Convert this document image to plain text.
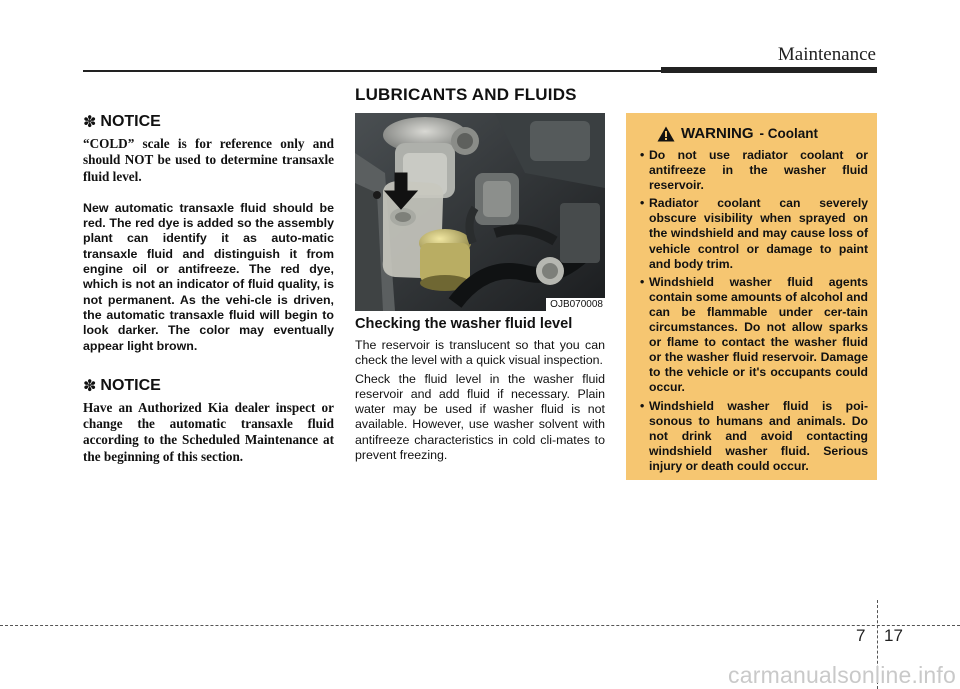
Maintenance
LUBRICANTS AND FLUIDS
✽ NOTICE

“COLD” scale is for reference only and should NOT be used to determine transaxle fluid level.

New automatic transaxle fluid should be red. The red dye is added so the assembly plant can identify it as auto-matic transaxle fluid and distinguish it from engine oil or antifreeze. The red dye, which is not an indicator of fluid quality, is not permanent. As the vehi-cle is driven, the automatic transaxle fluid will begin to look darker. The color may eventually appear light brown.

✽ NOTICE

Have an Authorized Kia dealer inspect or change the automatic transaxle fluid according to the Scheduled Maintenance at the beginning of this section.

OJB070008
Checking the washer fluid level

The reservoir is translucent so that you can check the level with a quick visual inspection.

Check the fluid level in the washer fluid reservoir and add fluid if necessary. Plain water may be used if washer fluid is not available. However, use washer solvent with antifreeze characteristics in cold cli-mates to prevent freezing.

WARNING - Coolant
• Do not use radiator coolant or antifreeze in the washer fluid reservoir.
• Radiator coolant can severely obscure visibility when sprayed on the windshield and may cause loss of vehicle control or damage to paint and body trim.
• Windshield washer fluid agents contain some amounts of alcohol and can be flammable under cer-tain circumstances. Do not allow sparks or flame to contact the washer fluid or the washer fluid reservoir. Damage to the vehicle or it's occupants could occur.
• Windshield washer fluid is poi-sonous to humans and animals. Do not drink and avoid contacting windshield washer fluid. Serious injury or death could occur.
7 17
carmanualsonline.info
